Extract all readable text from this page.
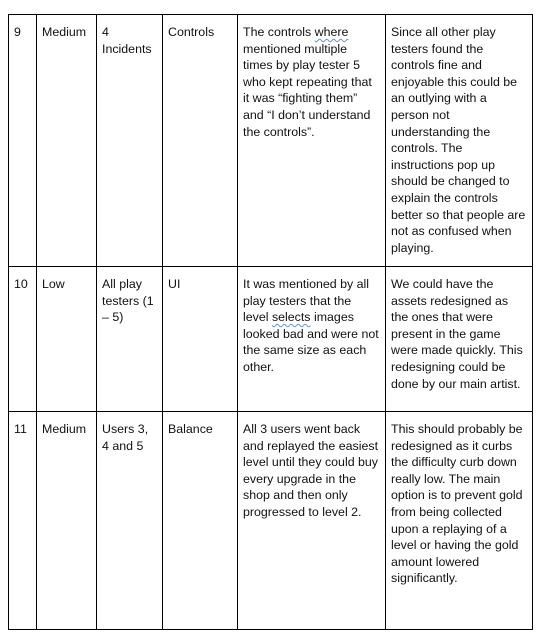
9	Medium	4 Incidents	Controls	The controls where mentioned multiple times by play tester 5 who kept repeating that it was “fighting them” and “I don’t understand the controls”.	Since all other play testers found the controls fine and enjoyable this could be an outlying with a person not understanding the controls. The instructions pop up should be changed to explain the controls better so that people are not as confused when playing.
10	Low	All play testers (1 – 5)	UI	It was mentioned by all play testers that the level selects images looked bad and were not the same size as each other.	We could have the assets redesigned as the ones that were present in the game were made quickly. This redesigning could be done by our main artist.
11	Medium	Users 3, 4 and 5	Balance	All 3 users went back and replayed the easiest level until they could buy every upgrade in the shop and then only progressed to level 2.	This should probably be redesigned as it curbs the difficulty curb down really low. The main option is to prevent gold from being collected upon a replaying of a level or having the gold amount lowered significantly.
